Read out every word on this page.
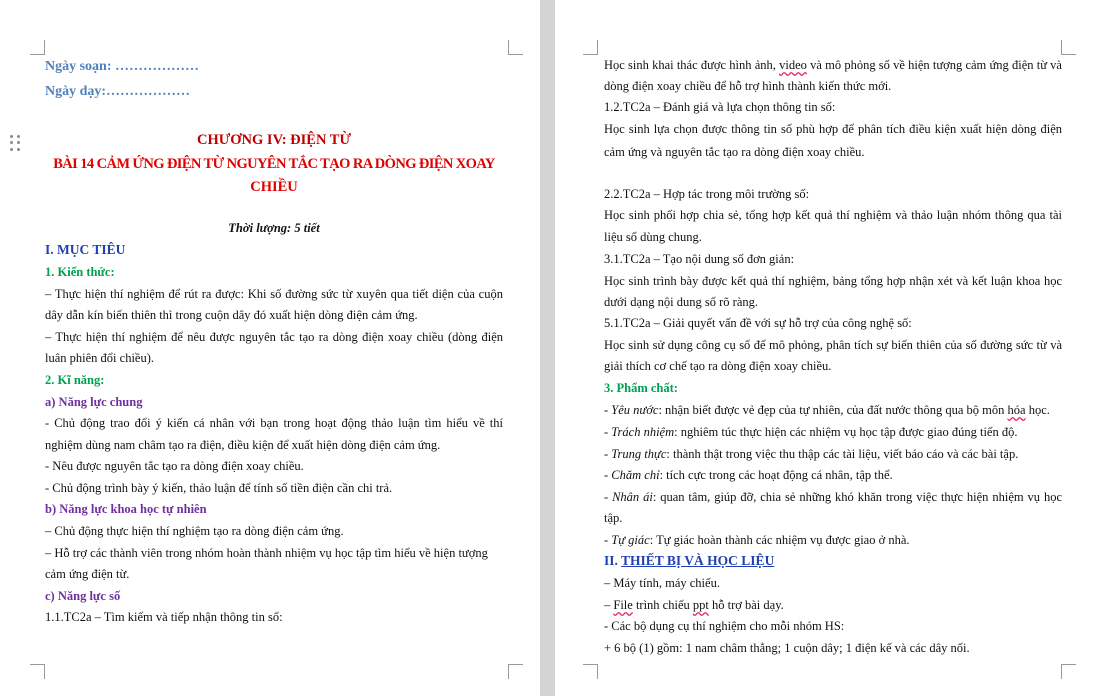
Ngày soạn: ………………
Ngày dạy:………………
CHƯƠNG IV: ĐIỆN TỪ
BÀI 14 CẢM ỨNG ĐIỆN TỪ NGUYÊN TẮC TẠO RA DÒNG ĐIỆN XOAY
CHIỀU
Thời lượng: 5 tiết
I. MỤC TIÊU
1. Kiến thức:
– Thực hiện thí nghiệm để rút ra được: Khi số đường sức từ xuyên qua tiết diện của cuộn
dây dẫn kín biến thiên thì trong cuộn dây đó xuất hiện dòng điện cảm ứng.
– Thực hiện thí nghiệm để nêu được nguyên tắc tạo ra dòng điện xoay chiều (dòng điện
luân phiên đổi chiều).
2. Kĩ năng:
a) Năng lực chung
- Chủ động trao đổi ý kiến cá nhân với bạn trong hoạt động thảo luận tìm hiểu về thí
nghiệm dùng nam châm tạo ra điện, điều kiện để xuất hiện dòng điện cảm ứng.
- Nêu được nguyên tắc tạo ra dòng điện xoay chiều.
- Chủ động trình bày ý kiến, thảo luận để tính số tiền điện cần chi trả.
b) Năng lực khoa học tự nhiên
– Chủ động thực hiện thí nghiệm tạo ra dòng điện cảm ứng.
– Hỗ trợ các thành viên trong nhóm hoàn thành nhiệm vụ học tập tìm hiểu về hiện tượng
cảm ứng điện từ.
c) Năng lực số
1.1.TC2a – Tìm kiếm và tiếp nhận thông tin số:
Học sinh khai thác được hình ảnh, video và mô phỏng số về hiện tượng cảm ứng điện từ và
dòng điện xoay chiều để hỗ trợ hình thành kiến thức mới.
1.2.TC2a – Đánh giá và lựa chọn thông tin số:
Học sinh lựa chọn được thông tin số phù hợp để phân tích điều kiện xuất hiện dòng điện
cảm ứng và nguyên tắc tạo ra dòng điện xoay chiều.
2.2.TC2a – Hợp tác trong môi trường số:
Học sinh phối hợp chia sẻ, tổng hợp kết quả thí nghiệm và thảo luận nhóm thông qua tài
liệu số dùng chung.
3.1.TC2a – Tạo nội dung số đơn giản:
Học sinh trình bày được kết quả thí nghiệm, bảng tổng hợp nhận xét và kết luận khoa học
dưới dạng nội dung số rõ ràng.
5.1.TC2a – Giải quyết vấn đề với sự hỗ trợ của công nghệ số:
Học sinh sử dụng công cụ số để mô phỏng, phân tích sự biến thiên của số đường sức từ và
giải thích cơ chế tạo ra dòng điện xoay chiều.
3. Phẩm chất:
- Yêu nước: nhận biết được vẻ đẹp của tự nhiên, của đất nước thông qua bộ môn hóa học.
- Trách nhiệm: nghiêm túc thực hiện các nhiệm vụ học tập được giao đúng tiến độ.
- Trung thực: thành thật trong việc thu thập các tài liệu, viết báo cáo và các bài tập.
- Chăm chỉ: tích cực trong các hoạt động cá nhân, tập thể.
- Nhân ái: quan tâm, giúp đỡ, chia sẻ những khó khăn trong việc thực hiện nhiệm vụ học
tập.
- Tự giác: Tự giác hoàn thành các nhiệm vụ được giao ở nhà.
II. THIẾT BỊ VÀ HỌC LIỆU
– Máy tính, máy chiếu.
– File trình chiếu ppt hỗ trợ bài dạy.
- Các bộ dụng cụ thí nghiệm cho mỗi nhóm HS:
+ 6 bộ (1) gồm: 1 nam châm thẳng; 1 cuộn dây; 1 điện kế và các dây nối.
